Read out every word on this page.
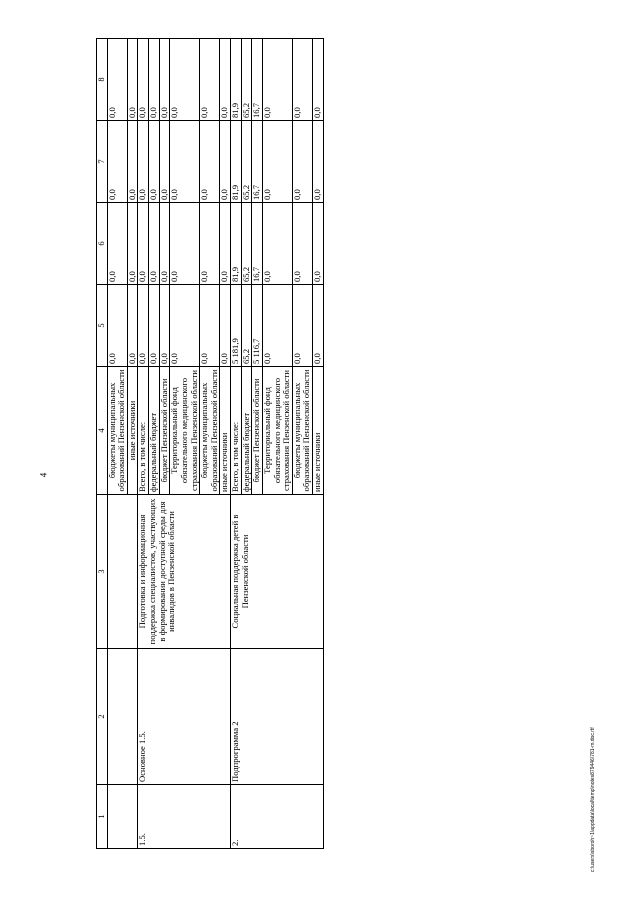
4
1	2	3	4	5	6	7	8
			бюджеты муниципальных образований Пензенской области	0,0	0,0	0,0	0,0
			иные источники	0,0	0,0	0,0	0,0
1.5.	Основное 1.5.	Подготовка и информационная поддержка специалистов, участвующих в формировании доступной среды для инвалидов в Пензенской области	Всего, в том числе:	0,0	0,0	0,0	0,0
			федеральный бюджет	0,0	0,0	0,0	0,0
			бюджет Пензенской области	0,0	0,0	0,0	0,0
			Территориальный фонд обязательного медицинского страхования Пензенской области	0,0	0,0	0,0	0,0
			бюджеты муниципальных образований Пензенской области	0,0	0,0	0,0	0,0
			иные источники	0,0	0,0	0,0	0,0
2.	Подпрограмма 2	Социальная поддержка детей в Пензенской области	Всего, в том числе:	5 181,9	81,9	81,9	81,9
			федеральный бюджет	65,2	65,2	65,2	65,2
			бюджет Пензенской области	5 116,7	16,7	16,7	16,7
			Территориальный фонд обязательного медицинского страхования Пензенской области	0,0	0,0	0,0	0,0
			бюджеты муниципальных образований Пензенской области	0,0	0,0	0,0	0,0
			иные источники	0,0	0,0	0,0	0,0
c:\users\sboroh~1\appdata\local\temp\notes879446\781-m.doc.rtf
